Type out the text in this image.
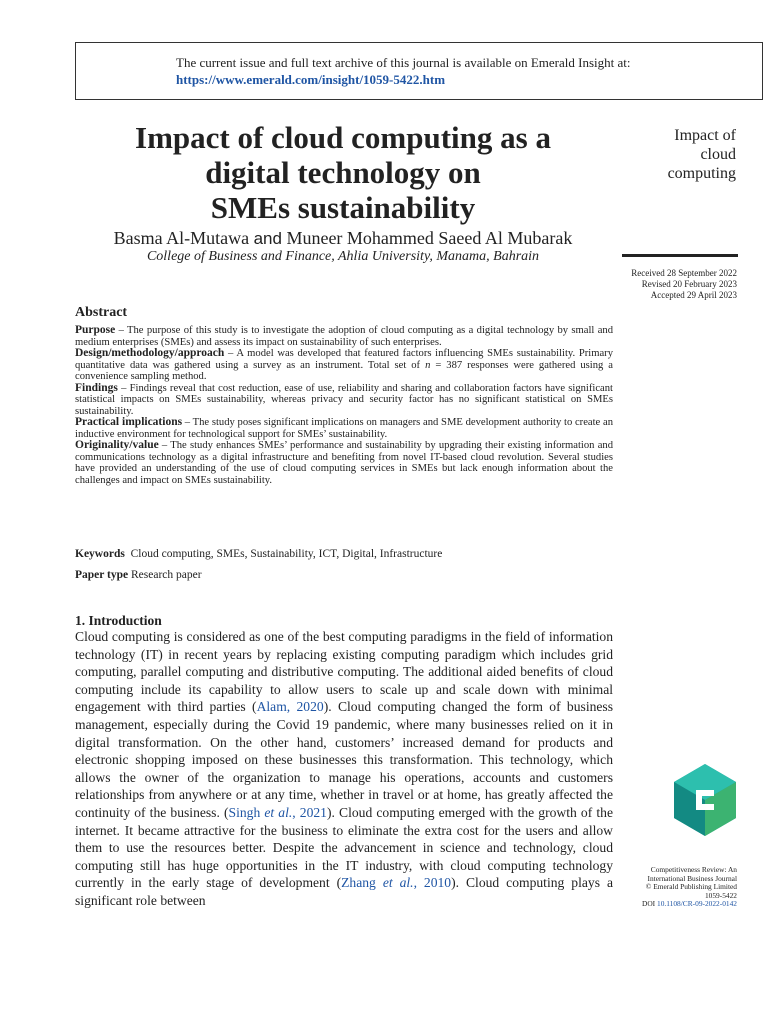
The current issue and full text archive of this journal is available on Emerald Insight at:
https://www.emerald.com/insight/1059-5422.htm
Impact of cloud computing as a
digital technology on
SMEs sustainability
Basma Al-Mutawa and Muneer Mohammed Saeed Al Mubarak
College of Business and Finance, Ahlia University, Manama, Bahrain
Impact of
cloud
computing
Received 28 September 2022
Revised 20 February 2023
Accepted 29 April 2023
Abstract

Purpose – The purpose of this study is to investigate the adoption of cloud computing as a digital technology by small and medium enterprises (SMEs) and assess its impact on sustainability of such enterprises.

Design/methodology/approach – A model was developed that featured factors influencing SMEs sustainability. Primary quantitative data was gathered using a survey as an instrument. Total set of n = 387 responses were gathered using a convenience sampling method.

Findings – Findings reveal that cost reduction, ease of use, reliability and sharing and collaboration factors have significant statistical impacts on SMEs sustainability, whereas privacy and security factor has no significant statistical on SMEs sustainability.

Practical implications – The study poses significant implications on managers and SME development authority to create an inductive environment for technological support for SMEs’ sustainability.

Originality/value – The study enhances SMEs’ performance and sustainability by upgrading their existing information and communications technology as a digital infrastructure and benefiting from novel IT-based cloud revolution. Several studies have provided an understanding of the use of cloud computing services in SMEs but lack enough information about the challenges and impact on SMEs sustainability.

Keywords Cloud computing, SMEs, Sustainability, ICT, Digital, Infrastructure
Paper type Research paper
1. Introduction

Cloud computing is considered as one of the best computing paradigms in the field of information technology (IT) in recent years by replacing existing computing paradigm which includes grid computing, parallel computing and distributive computing. The additional aided benefits of cloud computing include its capability to allow users to scale up and scale down with minimal engagement with third parties (Alam, 2020). Cloud computing changed the form of business management, especially during the Covid 19 pandemic, where many businesses relied on it in digital transformation. On the other hand, customers’ increased demand for products and electronic shopping imposed on these businesses this transformation. This technology, which allows the owner of the organization to manage his operations, accounts and customers relationships from anywhere or at any time, whether in travel or at home, has greatly affected the continuity of the business. (Singh et al., 2021). Cloud computing emerged with the growth of the internet. It became attractive for the business to eliminate the extra cost for the users and allow them to use the resources better. Despite the advancement in science and technology, cloud computing still has huge opportunities in the IT industry, with cloud computing technology currently in the early stage of development (Zhang et al., 2010). Cloud computing plays a significant role between

Competitiveness Review: An
International Business Journal
© Emerald Publishing Limited
1059-5422
DOI 10.1108/CR-09-2022-0142
